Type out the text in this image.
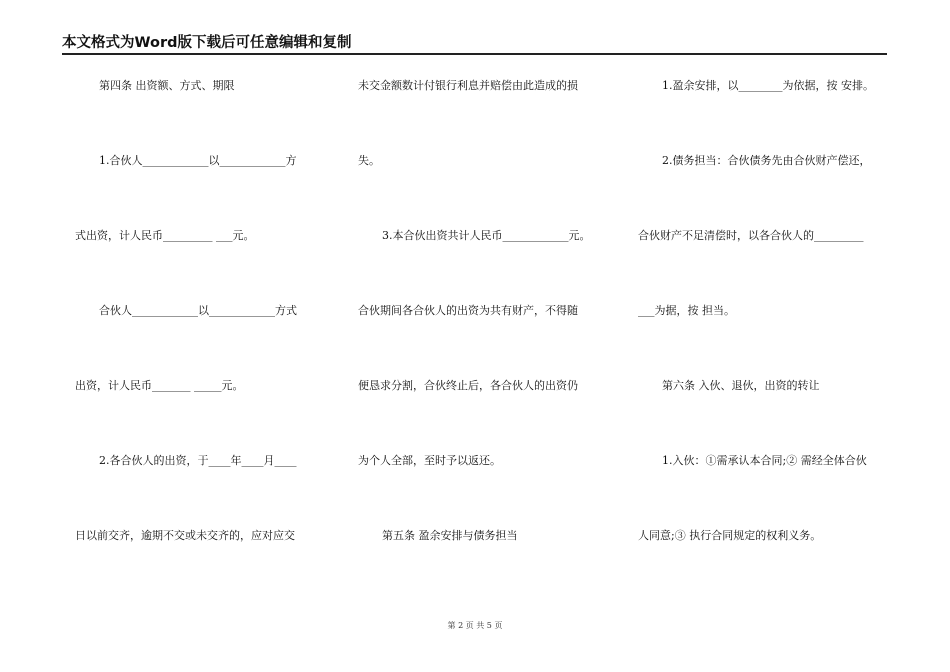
本文格式为Word版下载后可任意编辑和复制
第四条 出资额、方式、期限
1.合伙人____________以____________方
式出资，计人民币_________ ___元。
合伙人____________以____________方式
出资，计人民币_______ _____元。
2.各合伙人的出资，于____年____月____
日以前交齐，逾期不交或未交齐的，应对应交
未交金额数计付银行利息并赔偿由此造成的损
失。
3.本合伙出资共计人民币____________元。
合伙期间各合伙人的出资为共有财产，不得随
便恳求分割，合伙终止后，各合伙人的出资仍
为个人全部，至时予以返还。
第五条 盈余安排与债务担当
1.盈余安排，以________为依据，按 安排。
2.债务担当：合伙债务先由合伙财产偿还，
合伙财产不足清偿时，以各合伙人的_________
___为据，按 担当。
第六条 入伙、退伙，出资的转让
1.入伙：①需承认本合同;② 需经全体合伙
人同意;③ 执行合同规定的权利义务。
第 2 页 共 5 页
